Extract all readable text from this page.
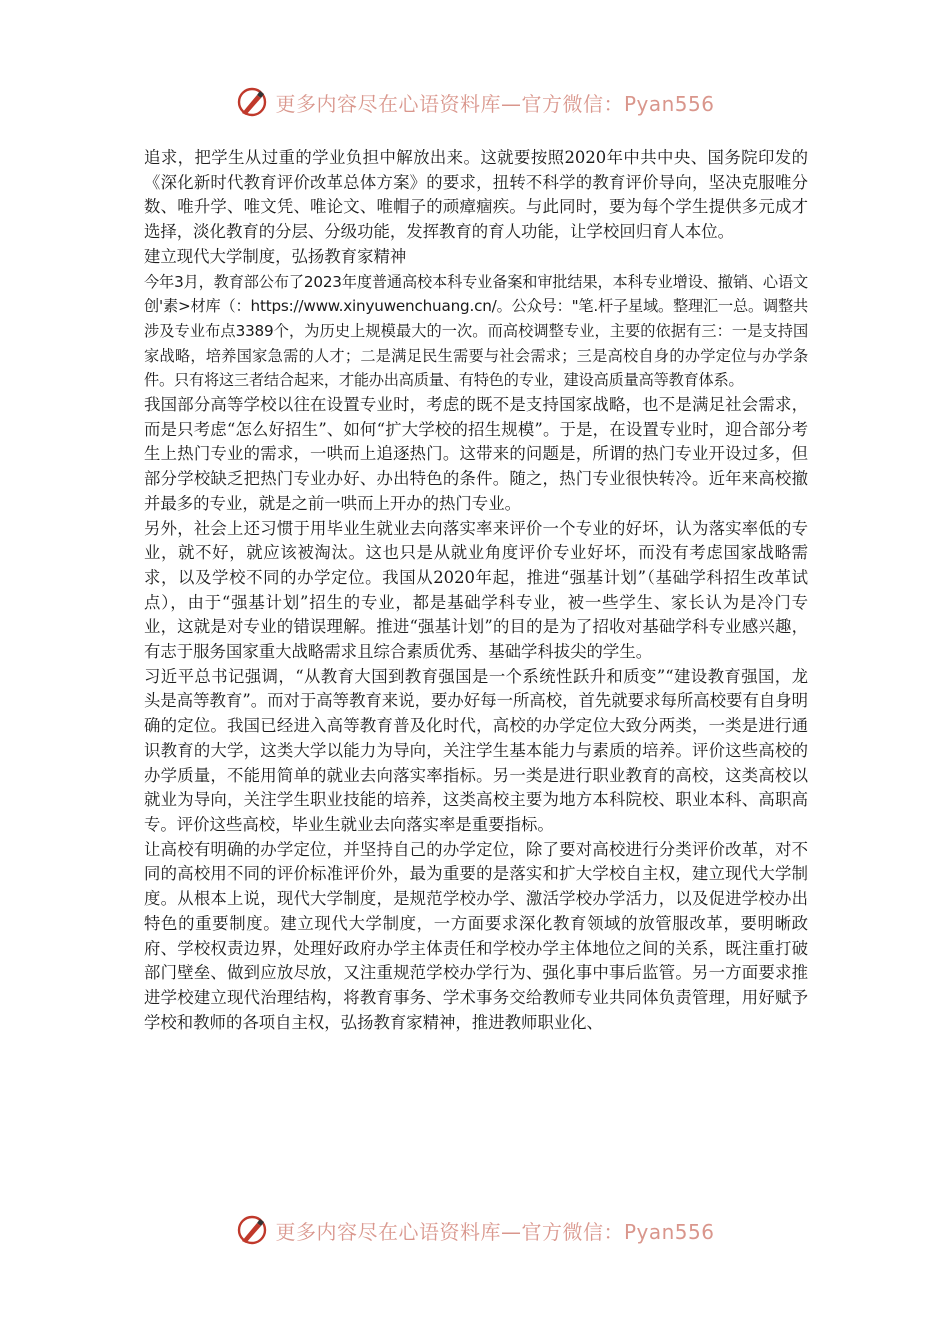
更多内容尽在心语资料库—官方微信：Pyan556

追求，把学生从过重的学业负担中解放出来。这就要按照2020年中共中央、国务院印发的《深化新时代教育评价改革总体方案》的要求，扭转不科学的教育评价导向，坚决克服唯分数、唯升学、唯文凭、唯论文、唯帽子的顽瘴痼疾。与此同时，要为每个学生提供多元成才选择，淡化教育的分层、分级功能，发挥教育的育人功能，让学校回归育人本位。

建立现代大学制度，弘扬教育家精神

今年3月，教育部公布了2023年度普通高校本科专业备案和审批结果，本科专业增设、撤销、心语文创'素>材库（：https://www.xinyuwenchuang.cn/。公众号："笔.杆子星域。整理汇一总。调整共涉及专业布点3389个，为历史上规模最大的一次。而高校调整专业，主要的依据有三：一是支持国家战略，培养国家急需的人才；二是满足民生需要与社会需求；三是高校自身的办学定位与办学条件。只有将这三者结合起来，才能办出高质量、有特色的专业，建设高质量高等教育体系。

我国部分高等学校以往在设置专业时，考虑的既不是支持国家战略，也不是满足社会需求，而是只考虑“怎么好招生”、如何“扩大学校的招生规模”。于是，在设置专业时，迎合部分考生上热门专业的需求，一哄而上追逐热门。这带来的问题是，所谓的热门专业开设过多，但部分学校缺乏把热门专业办好、办出特色的条件。随之，热门专业很快转冷。近年来高校撤并最多的专业，就是之前一哄而上开办的热门专业。

另外，社会上还习惯于用毕业生就业去向落实率来评价一个专业的好坏，认为落实率低的专业，就不好，就应该被淘汰。这也只是从就业角度评价专业好坏，而没有考虑国家战略需求，以及学校不同的办学定位。我国从2020年起，推进“强基计划”（基础学科招生改革试点），由于“强基计划”招生的专业，都是基础学科专业，被一些学生、家长认为是冷门专业，这就是对专业的错误理解。推进“强基计划”的目的是为了招收对基础学科专业感兴趣，有志于服务国家重大战略需求且综合素质优秀、基础学科拔尖的学生。

习近平总书记强调，“从教育大国到教育强国是一个系统性跃升和质变”“建设教育强国，龙头是高等教育”。而对于高等教育来说，要办好每一所高校，首先就要求每所高校要有自身明确的定位。我国已经进入高等教育普及化时代，高校的办学定位大致分两类，一类是进行通识教育的大学，这类大学以能力为导向，关注学生基本能力与素质的培养。评价这些高校的办学质量，不能用简单的就业去向落实率指标。另一类是进行职业教育的高校，这类高校以就业为导向，关注学生职业技能的培养，这类高校主要为地方本科院校、职业本科、高职高专。评价这些高校，毕业生就业去向落实率是重要指标。

让高校有明确的办学定位，并坚持自己的办学定位，除了要对高校进行分类评价改革，对不同的高校用不同的评价标准评价外，最为重要的是落实和扩大学校自主权，建立现代大学制度。从根本上说，现代大学制度，是规范学校办学、激活学校办学活力，以及促进学校办出特色的重要制度。建立现代大学制度，一方面要求深化教育领域的放管服改革，要明晰政府、学校权责边界，处理好政府办学主体责任和学校办学主体地位之间的关系，既注重打破部门壁垒、做到应放尽放，又注重规范学校办学行为、强化事中事后监管。另一方面要求推进学校建立现代治理结构，将教育事务、学术事务交给教师专业共同体负责管理，用好赋予学校和教师的各项自主权，弘扬教育家精神，推进教师职业化、

更多内容尽在心语资料库—官方微信：Pyan556
